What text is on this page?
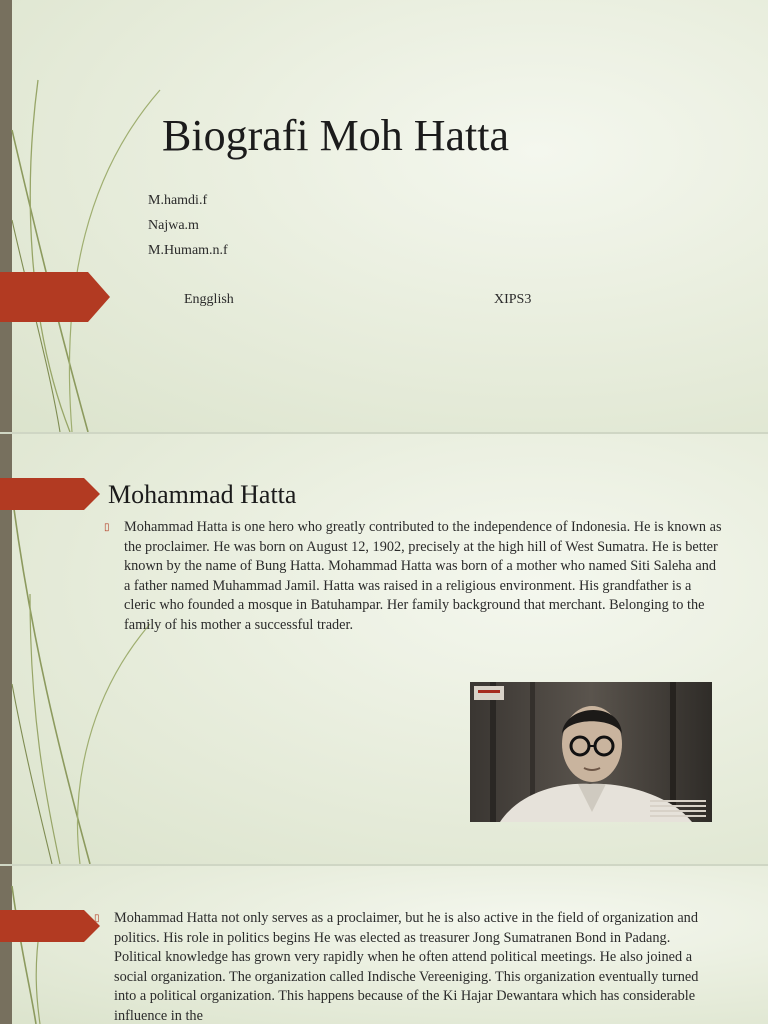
Biografi Moh Hatta
M.hamdi.f
Najwa.m
M.Humam.n.f
Engglish	XIPS3
Mohammad Hatta
▯	Mohammad Hatta is one hero who greatly contributed to the independence of Indonesia. He is known as the proclaimer. He was born on August 12, 1902, precisely at the high hill of West Sumatra. He is better known by the name of Bung Hatta. Mohammad Hatta was born of a mother who named Siti Saleha and a father named Muhammad Jamil. Hatta was raised in a religious environment. His grandfather is a cleric who founded a mosque in Batuhampar. Her family background that merchant. Belonging to the family of his mother a successful trader.

▯	Mohammad Hatta not only serves as a proclaimer, but he is also active in the field of organization and politics. His role in politics begins He was elected as treasurer Jong Sumatranen Bond in Padang. Political knowledge has grown very rapidly when he often attend political meetings. He also joined a social organization. The organization called Indische Vereeniging. This organization eventually turned into a political organization. This happens because of the Ki Hajar Dewantara which has considerable influence in the
